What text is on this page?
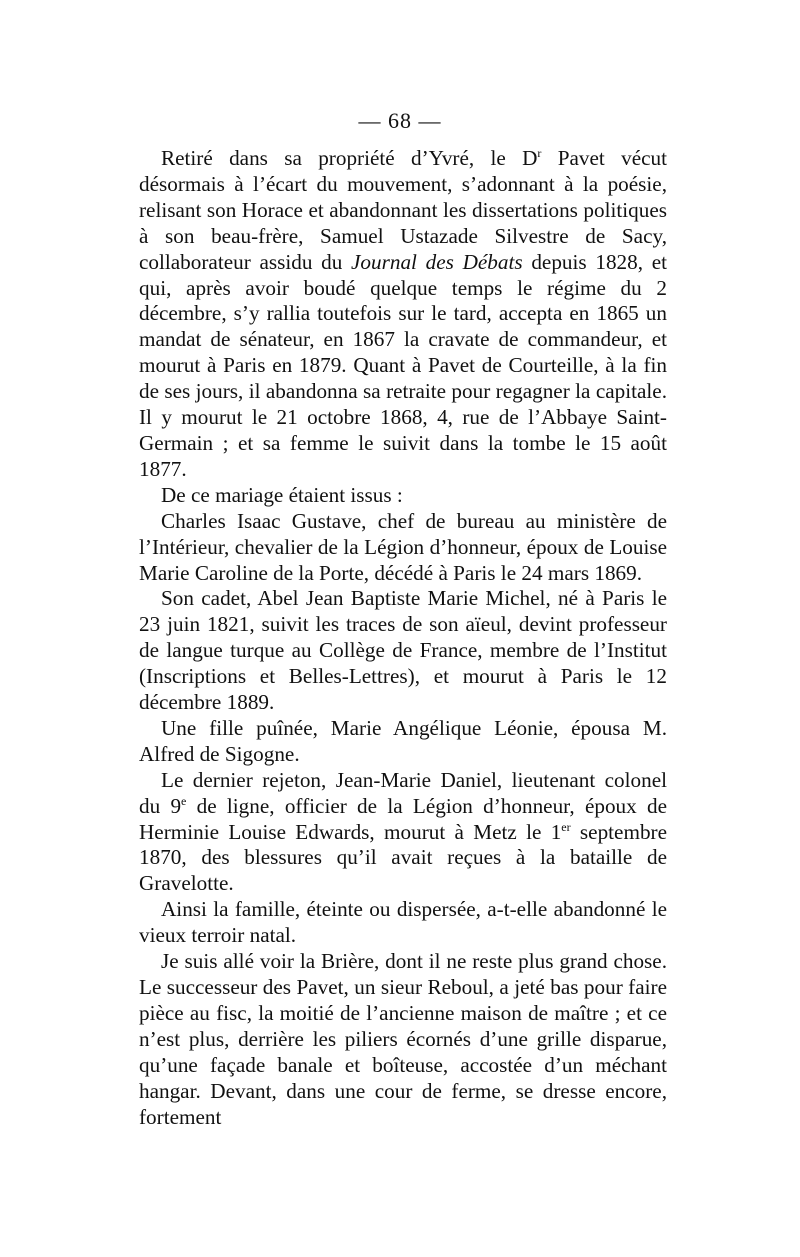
— 68 —

Retiré dans sa propriété d’Yvré, le $D^r$ Pavet vécut désormais à l’écart du mouvement, s’adonnant à la poésie, relisant son Horace et abandonnant les dissertations politiques à son beau-frère, Samuel Ustazade Silvestre de Sacy, collaborateur assidu du Journal des Débats depuis 1828, et qui, après avoir boudé quelque temps le régime du 2 décembre, s’y rallia toutefois sur le tard, accepta en 1865 un mandat de sénateur, en 1867 la cravate de commandeur, et mourut à Paris en 1879. Quant à Pavet de Courteille, à la fin de ses jours, il abandonna sa retraite pour regagner la capitale. Il y mourut le 21 octobre 1868, 4, rue de l’Abbaye Saint-Germain ; et sa femme le suivit dans la tombe le 15 août 1877.

De ce mariage étaient issus :

Charles Isaac Gustave, chef de bureau au ministère de l’Intérieur, chevalier de la Légion d’honneur, époux de Louise Marie Caroline de la Porte, décédé à Paris le 24 mars 1869.

Son cadet, Abel Jean Baptiste Marie Michel, né à Paris le 23 juin 1821, suivit les traces de son aïeul, devint professeur de langue turque au Collège de France, membre de l’Institut (Inscriptions et Belles-Lettres), et mourut à Paris le 12 décembre 1889.

Une fille puînée, Marie Angélique Léonie, épousa M. Alfred de Sigogne.

Le dernier rejeton, Jean-Marie Daniel, lieutenant colonel du 9e de ligne, officier de la Légion d’honneur, époux de Herminie Louise Edwards, mourut à Metz le 1er septembre 1870, des blessures qu’il avait reçues à la bataille de Gravelotte.

Ainsi la famille, éteinte ou dispersée, a-t-elle abandonné le vieux terroir natal.

Je suis allé voir la Brière, dont il ne reste plus grand chose. Le successeur des Pavet, un sieur Reboul, a jeté bas pour faire pièce au fisc, la moitié de l’ancienne maison de maître ; et ce n’est plus, derrière les piliers écornés d’une grille disparue, qu’une façade banale et boîteuse, accostée d’un méchant hangar. Devant, dans une cour de ferme, se dresse encore, fortement
